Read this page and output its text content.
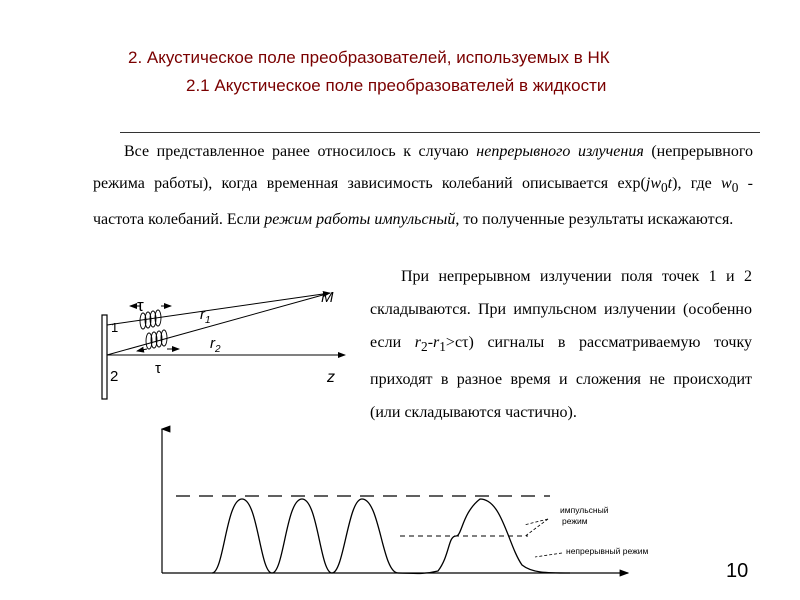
2. Акустическое поле преобразователей, используемых в НК
2.1 Акустическое поле преобразователей в жидкости
Все представленное ранее относилось к случаю непрерывного излучения (непрерывного режима работы), когда временная зависимость колебаний описывается $\exp(jw_0t)$, где $w_0$ - частота колебаний. Если режим работы импульсный, то полученные результаты искажаются.
При непрерывном излучении поля точек 1 и 2 складываются. При импульсном излучении (особенно если $r_2-r_1>c\tau$) сигналы в рассматриваемую точку приходят в разное время и сложения не происходит (или складываются частично).
τ
τ
$r_1$
$r_2$
M
z
1
2
импульсный режим
непрерывный режим
10
